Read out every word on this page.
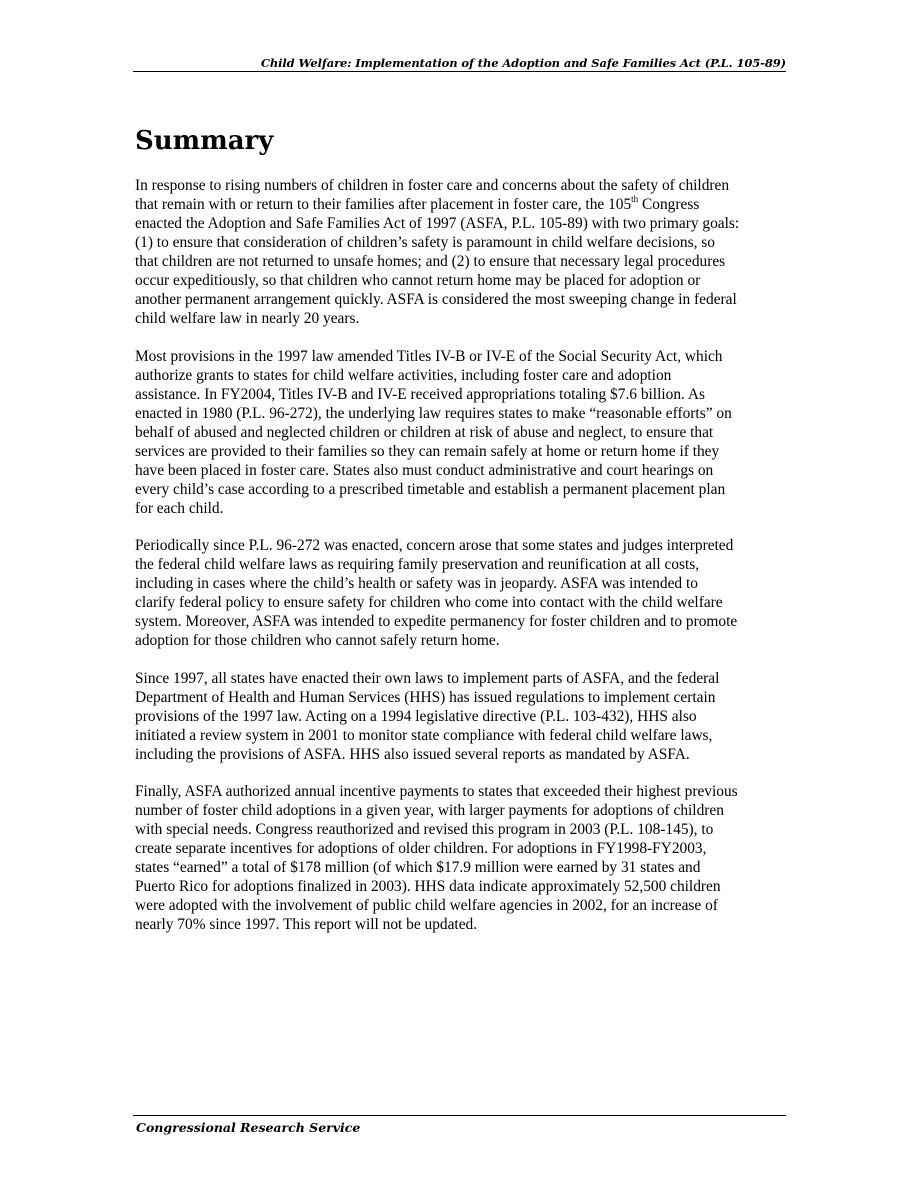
Child Welfare: Implementation of the Adoption and Safe Families Act (P.L. 105-89)
Summary

In response to rising numbers of children in foster care and concerns about the safety of children
that remain with or return to their families after placement in foster care, the 105th Congress
enacted the Adoption and Safe Families Act of 1997 (ASFA, P.L. 105-89) with two primary goals:
(1) to ensure that consideration of children’s safety is paramount in child welfare decisions, so
that children are not returned to unsafe homes; and (2) to ensure that necessary legal procedures
occur expeditiously, so that children who cannot return home may be placed for adoption or
another permanent arrangement quickly. ASFA is considered the most sweeping change in federal
child welfare law in nearly 20 years.

Most provisions in the 1997 law amended Titles IV-B or IV-E of the Social Security Act, which
authorize grants to states for child welfare activities, including foster care and adoption
assistance. In FY2004, Titles IV-B and IV-E received appropriations totaling $7.6 billion. As
enacted in 1980 (P.L. 96-272), the underlying law requires states to make “reasonable efforts” on
behalf of abused and neglected children or children at risk of abuse and neglect, to ensure that
services are provided to their families so they can remain safely at home or return home if they
have been placed in foster care. States also must conduct administrative and court hearings on
every child’s case according to a prescribed timetable and establish a permanent placement plan
for each child.

Periodically since P.L. 96-272 was enacted, concern arose that some states and judges interpreted
the federal child welfare laws as requiring family preservation and reunification at all costs,
including in cases where the child’s health or safety was in jeopardy. ASFA was intended to
clarify federal policy to ensure safety for children who come into contact with the child welfare
system. Moreover, ASFA was intended to expedite permanency for foster children and to promote
adoption for those children who cannot safely return home.

Since 1997, all states have enacted their own laws to implement parts of ASFA, and the federal
Department of Health and Human Services (HHS) has issued regulations to implement certain
provisions of the 1997 law. Acting on a 1994 legislative directive (P.L. 103-432), HHS also
initiated a review system in 2001 to monitor state compliance with federal child welfare laws,
including the provisions of ASFA. HHS also issued several reports as mandated by ASFA.

Finally, ASFA authorized annual incentive payments to states that exceeded their highest previous
number of foster child adoptions in a given year, with larger payments for adoptions of children
with special needs. Congress reauthorized and revised this program in 2003 (P.L. 108-145), to
create separate incentives for adoptions of older children. For adoptions in FY1998-FY2003,
states “earned” a total of $178 million (of which $17.9 million were earned by 31 states and
Puerto Rico for adoptions finalized in 2003). HHS data indicate approximately 52,500 children
were adopted with the involvement of public child welfare agencies in 2002, for an increase of
nearly 70% since 1997. This report will not be updated.

Congressional Research Service
